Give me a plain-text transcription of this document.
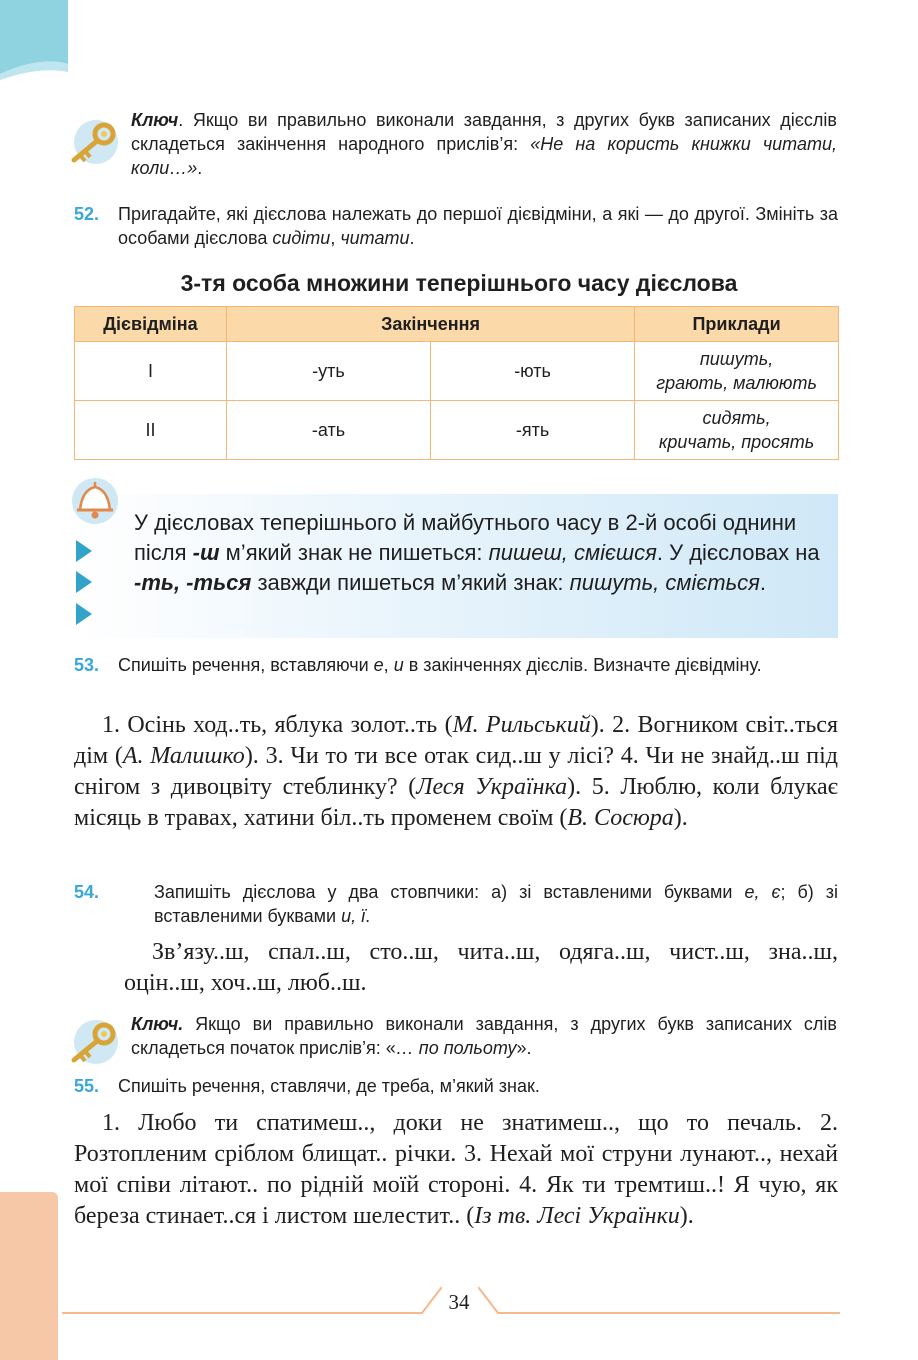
Ключ. Якщо ви правильно виконали завдання, з других букв записаних дієслів складеться закінчення народного прислів’я: «Не на користь книжки читати, коли…».
52. Пригадайте, які дієслова належать до першої дієвідміни, а які — до другої. Змініть за особами дієслова сидіти, читати.
3-тя особа множини теперішнього часу дієслова
Дієвідміна	Закінчення		Приклади
I	-уть	-ють	пишуть,
грають, малюють

II	-ать	-ять	сидять,
кричать, просять
У дієсловах теперішнього й майбутнього часу в 2-й особі однини після -ш м’який знак не пишеться: пишеш, смієшся. У дієсловах на -ть, -ться завжди пишеться м’який знак: пишуть, сміється.
53. Спишіть речення, вставляючи е, и в закінченнях дієслів. Визначте дієвідміну.
1. Осінь ход..ть, яблука золот..ть (М. Рильський). 2. Вогником світ..ться дім (А. Малишко). 3. Чи то ти все отак сид..ш у лісі? 4. Чи не знайд..ш під снігом з дивоцвіту стеблинку? (Леся Українка). 5. Люблю, коли блукає місяць в травах, хатини біл..ть променем своїм (В. Сосюра).
54.	Запишіть дієслова у два стовпчики: а) зі вставленими буквами е, є; б) зі вставленими буквами и, ї.
Зв’язу..ш, спал..ш, сто..ш, чита..ш, одяга..ш, чист..ш, зна..ш, оцін..ш, хоч..ш, люб..ш.
Ключ. Якщо ви правильно виконали завдання, з других букв записаних слів складеться початок прислів’я: «… по польоту».
55. Спишіть речення, ставлячи, де треба, м’який знак.
1. Любо ти спатимеш.., доки не знатимеш.., що то печаль. 2. Розтопленим сріблом блищат.. річки. 3. Нехай мої струни лунают.., нехай мої співи літают.. по рідній моїй стороні. 4. Як ти тремтиш..! Я чую, як береза стинает..ся і листом шелестит.. (Із тв. Лесі Українки).
34
